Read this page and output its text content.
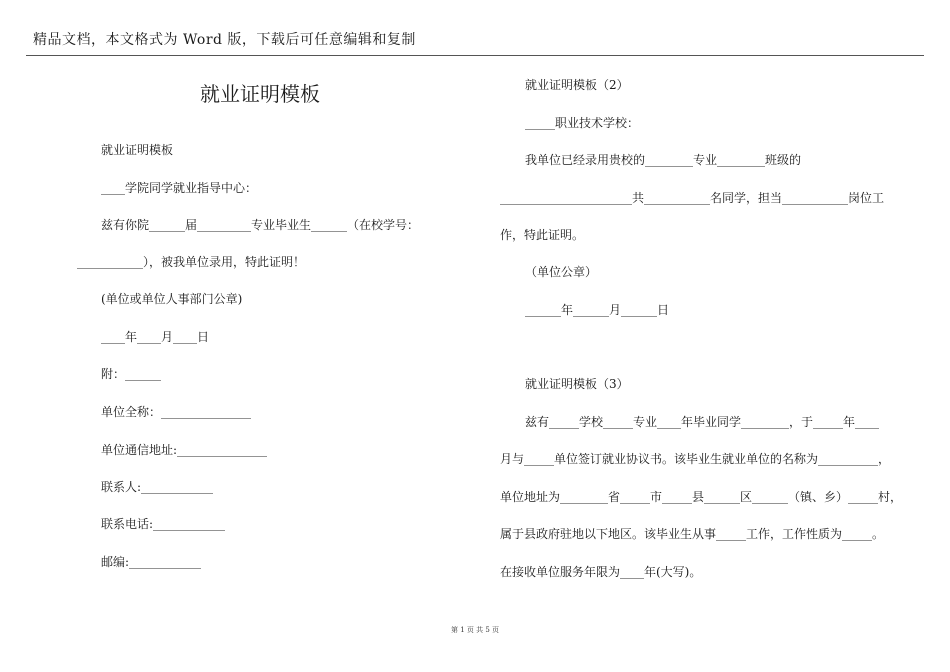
精品文档，本文格式为 Word 版，下载后可任意编辑和复制
就业证明模板
就业证明模板
____学院同学就业指导中心：
兹有你院______届_________专业毕业生______（在校学号：
___________），被我单位录用，特此证明！
(单位或单位人事部门公章)
____年____月____日
附：______
单位全称：_______________
单位通信地址:_______________
联系人:____________
联系电话:____________
邮编:____________
就业证明模板（2）
_____职业技术学校：
我单位已经录用贵校的________专业________班级的
______________________共___________名同学，担当___________岗位工
作，特此证明。
（单位公章）
______年______月______日
就业证明模板（3）
兹有_____学校_____专业____年毕业同学________，于_____年____
月与_____单位签订就业协议书。该毕业生就业单位的名称为__________，
单位地址为________省_____市_____县______区______（镇、乡）_____村，
属于县政府驻地以下地区。该毕业生从事_____工作，工作性质为_____。
在接收单位服务年限为____年(大写)。
第 1 页 共 5 页
